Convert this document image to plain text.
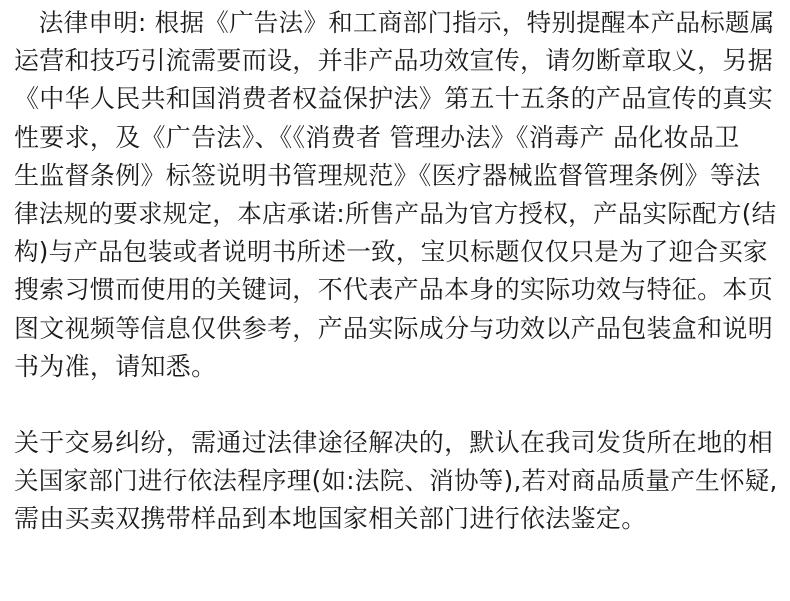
　法律申明: 根据《广告法》和工商部门指示，特别提醒本产品标题属
运营和技巧引流需要而设，并非产品功效宣传，请勿断章取义，另据
《中华人民共和国消费者权益保护法》第五十五条的产品宣传的真实
性要求，及《广告法》、《《消费者 管理办法》《消毒产 品化妆品卫
生监督条例》标签说明书管理规范》《医疗器械监督管理条例》等法
律法规的要求规定，本店承诺:所售产品为官方授权，产品实际配方(结
构)与产品包装或者说明书所述一致，宝贝标题仅仅只是为了迎合买家
搜索习惯而使用的关键词，不代表产品本身的实际功效与特征。本页
图文视频等信息仅供参考，产品实际成分与功效以产品包装盒和说明
书为准，请知悉。
关于交易纠纷，需通过法律途径解决的，默认在我司发货所在地的相
关国家部门进行依法程序理(如:法院、消协等),若对商品质量产生怀疑,
需由买卖双携带样品到本地国家相关部门进行依法鉴定。
